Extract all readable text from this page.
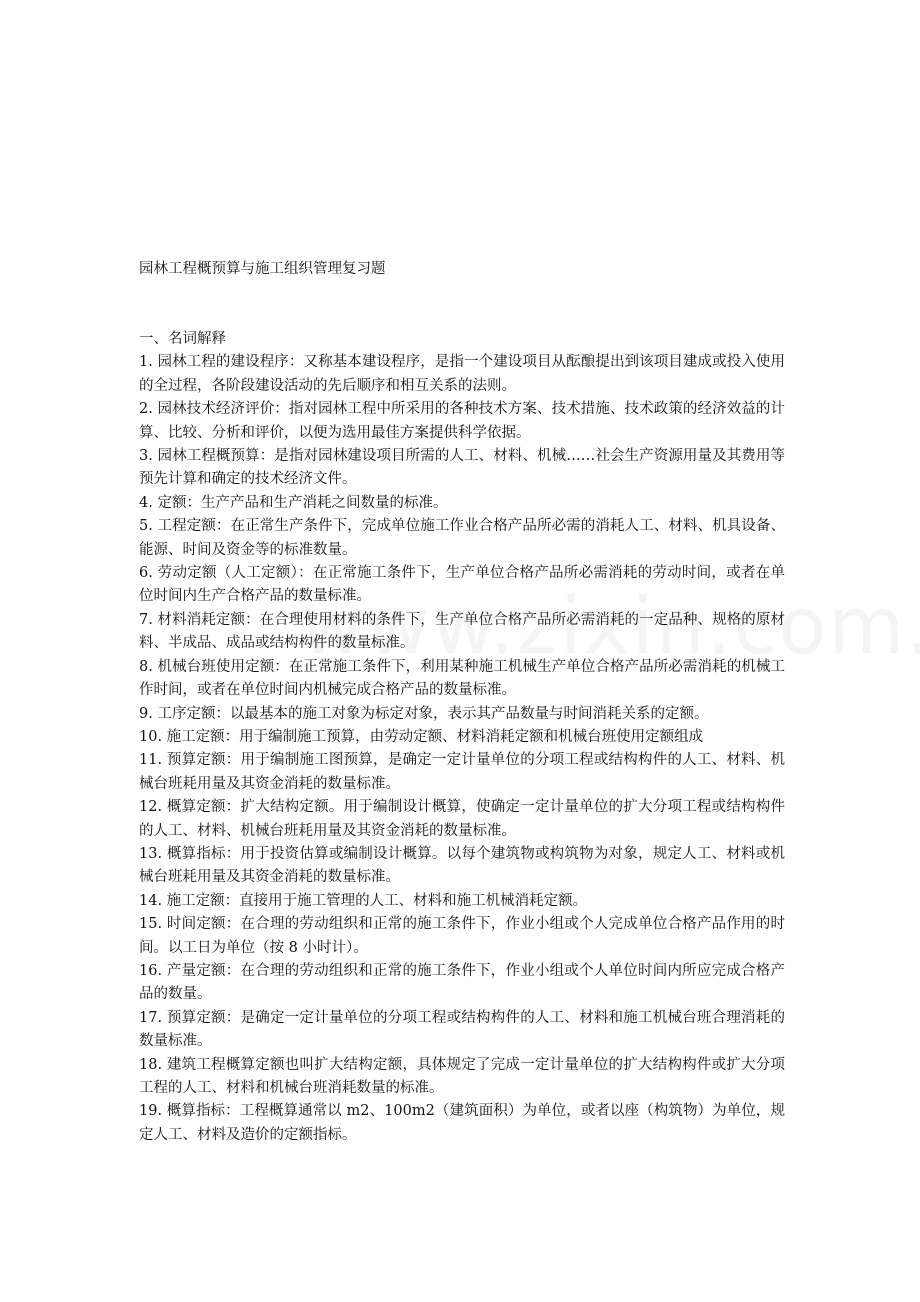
园林工程概预算与施工组织管理复习题

一、名词解释

1. 园林工程的建设程序：又称基本建设程序，是指一个建设项目从酝酿提出到该项目建成或投入使用的全过程，各阶段建设活动的先后顺序和相互关系的法则。

2. 园林技术经济评价：指对园林工程中所采用的各种技术方案、技术措施、技术政策的经济效益的计算、比较、分析和评价，以便为选用最佳方案提供科学依据。

3. 园林工程概预算：是指对园林建设项目所需的人工、材料、机械……社会生产资源用量及其费用等预先计算和确定的技术经济文件。

4. 定额：生产产品和生产消耗之间数量的标准。

5. 工程定额：在正常生产条件下，完成单位施工作业合格产品所必需的消耗人工、材料、机具设备、能源、时间及资金等的标准数量。

6. 劳动定额（人工定额）：在正常施工条件下，生产单位合格产品所必需消耗的劳动时间，或者在单位时间内生产合格产品的数量标准。

7. 材料消耗定额：在合理使用材料的条件下，生产单位合格产品所必需消耗的一定品种、规格的原材料、半成品、成品或结构构件的数量标准。

8. 机械台班使用定额：在正常施工条件下，利用某种施工机械生产单位合格产品所必需消耗的机械工作时间，或者在单位时间内机械完成合格产品的数量标准。

9. 工序定额：以最基本的施工对象为标定对象，表示其产品数量与时间消耗关系的定额。

10. 施工定额：用于编制施工预算，由劳动定额、材料消耗定额和机械台班使用定额组成

11. 预算定额：用于编制施工图预算，是确定一定计量单位的分项工程或结构构件的人工、材料、机械台班耗用量及其资金消耗的数量标准。

12. 概算定额：扩大结构定额。用于编制设计概算，使确定一定计量单位的扩大分项工程或结构构件的人工、材料、机械台班耗用量及其资金消耗的数量标准。

13. 概算指标：用于投资估算或编制设计概算。以每个建筑物或构筑物为对象，规定人工、材料或机械台班耗用量及其资金消耗的数量标准。

14. 施工定额：直接用于施工管理的人工、材料和施工机械消耗定额。

15. 时间定额：在合理的劳动组织和正常的施工条件下，作业小组或个人完成单位合格产品作用的时间。以工日为单位（按 8 小时计）。

16. 产量定额：在合理的劳动组织和正常的施工条件下，作业小组或个人单位时间内所应完成合格产品的数量。

17. 预算定额：是确定一定计量单位的分项工程或结构构件的人工、材料和施工机械台班合理消耗的数量标准。

18. 建筑工程概算定额也叫扩大结构定额，具体规定了完成一定计量单位的扩大结构构件或扩大分项工程的人工、材料和机械台班消耗数量的标准。

19. 概算指标：工程概算通常以 m2、100m2（建筑面积）为单位，或者以座（构筑物）为单位，规定人工、材料及造价的定额指标。
